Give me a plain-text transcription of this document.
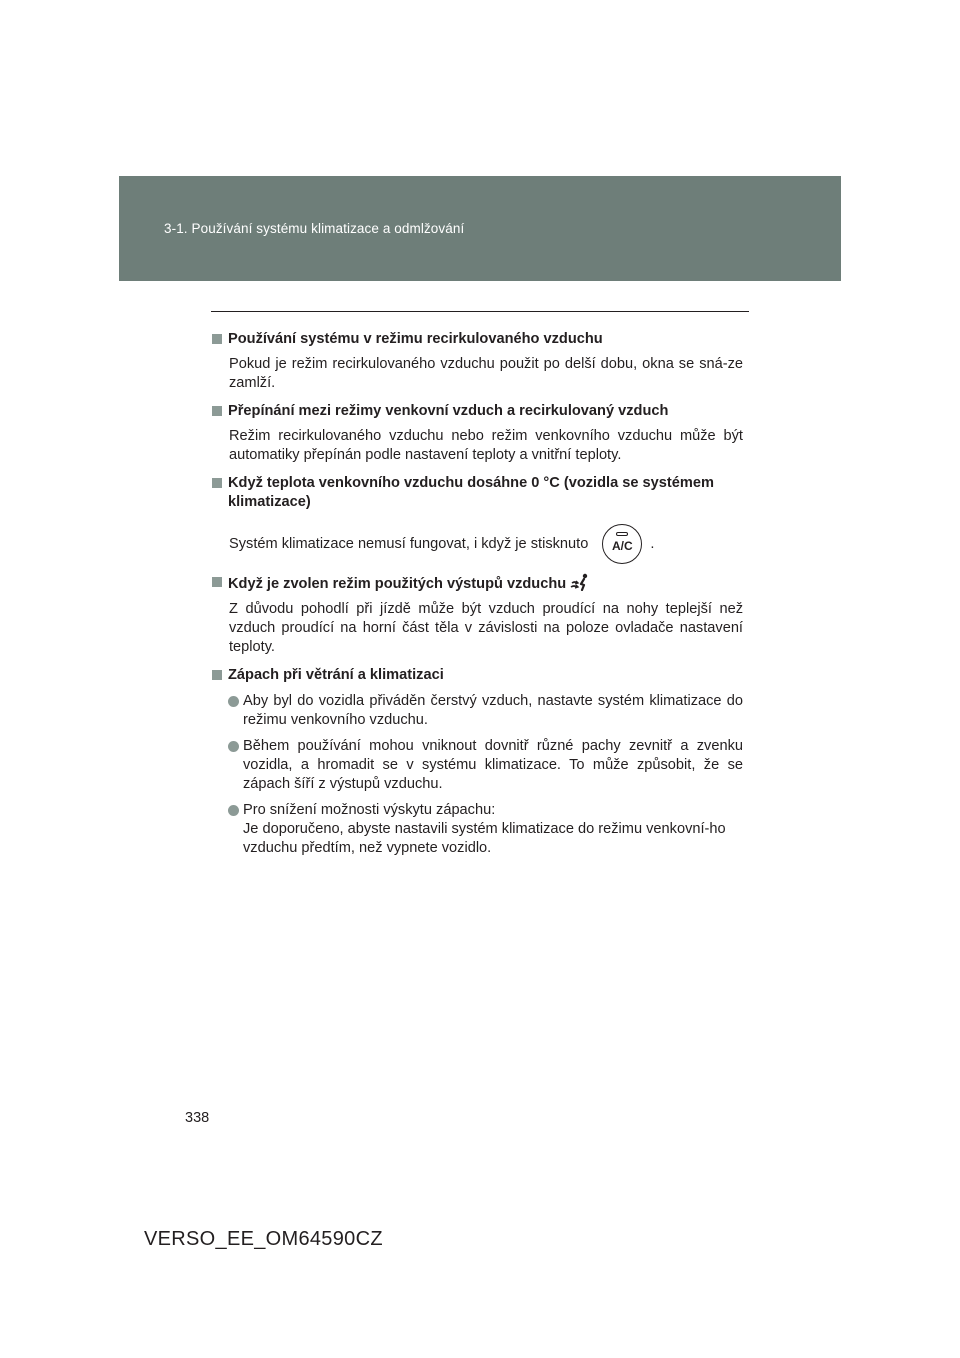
3-1. Používání systému klimatizace a odmlžování

Používání systému v režimu recirkulovaného vzduchu

Pokud je režim recirkulovaného vzduchu použit po delší dobu, okna se sná-ze zamlží.

Přepínání mezi režimy venkovní vzduch a recirkulovaný vzduch

Režim recirkulovaného vzduchu nebo režim venkovního vzduchu může být automatiky přepínán podle nastavení teploty a vnitřní teploty.

Když teplota venkovního vzduchu dosáhne 0 °C (vozidla se systémem klimatizace)

Systém klimatizace nemusí fungovat, i když je stisknuto A/C .

Když je zvolen režim použitých výstupů vzduchu

Z důvodu pohodlí při jízdě může být vzduch proudící na nohy teplejší než vzduch proudící na horní část těla v závislosti na poloze ovladače nastavení teploty.

Zápach při větrání a klimatizaci

Aby byl do vozidla přiváděn čerstvý vzduch, nastavte systém klimatizace do režimu venkovního vzduchu.
Během používání mohou vniknout dovnitř různé pachy zevnitř a zvenku vozidla, a hromadit se v systému klimatizace. To může způsobit, že se zápach šíří z výstupů vzduchu.
Pro snížení možnosti výskytu zápachu:
Je doporučeno, abyste nastavili systém klimatizace do režimu venkovní-ho vzduchu předtím, než vypnete vozidlo.
338
VERSO_EE_OM64590CZ
